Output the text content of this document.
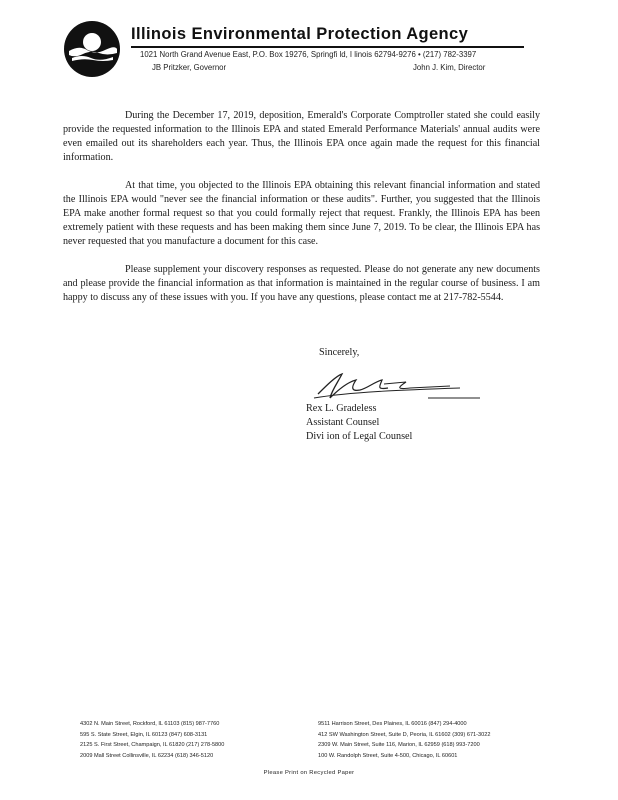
Illinois Environmental Protection Agency
1021 North Grand Avenue East, P.O. Box 19276, Springfi ld, I linois 62794-9276 • (217) 782-3397
JB Pritzker, Governor	John J. Kim, Director

During the December 17, 2019, deposition, Emerald's Corporate Comptroller stated she could easily provide the requested information to the Illinois EPA and stated Emerald Performance Materials' annual audits were even emailed out its shareholders each year. Thus, the Illinois EPA once again made the request for this financial information.

At that time, you objected to the Illinois EPA obtaining this relevant financial information and stated the Illinois EPA would "never see the financial information or these audits". Further, you suggested that the Illinois EPA make another formal request so that you could formally reject that request. Frankly, the Illinois EPA has been extremely patient with these requests and has been making them since June 7, 2019. To be clear, the Illinois EPA has never requested that you manufacture a document for this case.

Please supplement your discovery responses as requested. Please do not generate any new documents and please provide the financial information as that information is maintained in the regular course of business. I am happy to discuss any of these issues with you. If you have any questions, please contact me at 217-782-5544.

Sincerely,
Rex L. Gradeless
Assistant Counsel
Divi ion of Legal Counsel
4302 N. Main Street, Rockford, IL 61103 (815) 987-7760
595 S. State Street, Elgin, IL 60123 (847) 608-3131
2125 S. First Street, Champaign, IL 61820 (217) 278-5800
2009 Mall Street Collinsville, IL 62234 (618) 346-5120
9511 Harrison Street, Des Plaines, IL 60016 (847) 294-4000
412 SW Washington Street, Suite D, Peoria, IL 61602 (309) 671-3022
2309 W. Main Street, Suite 116, Marion, IL 62959 (618) 993-7200
100 W. Randolph Street, Suite 4-500, Chicago, IL 60601
Please Print on Recycled Paper
